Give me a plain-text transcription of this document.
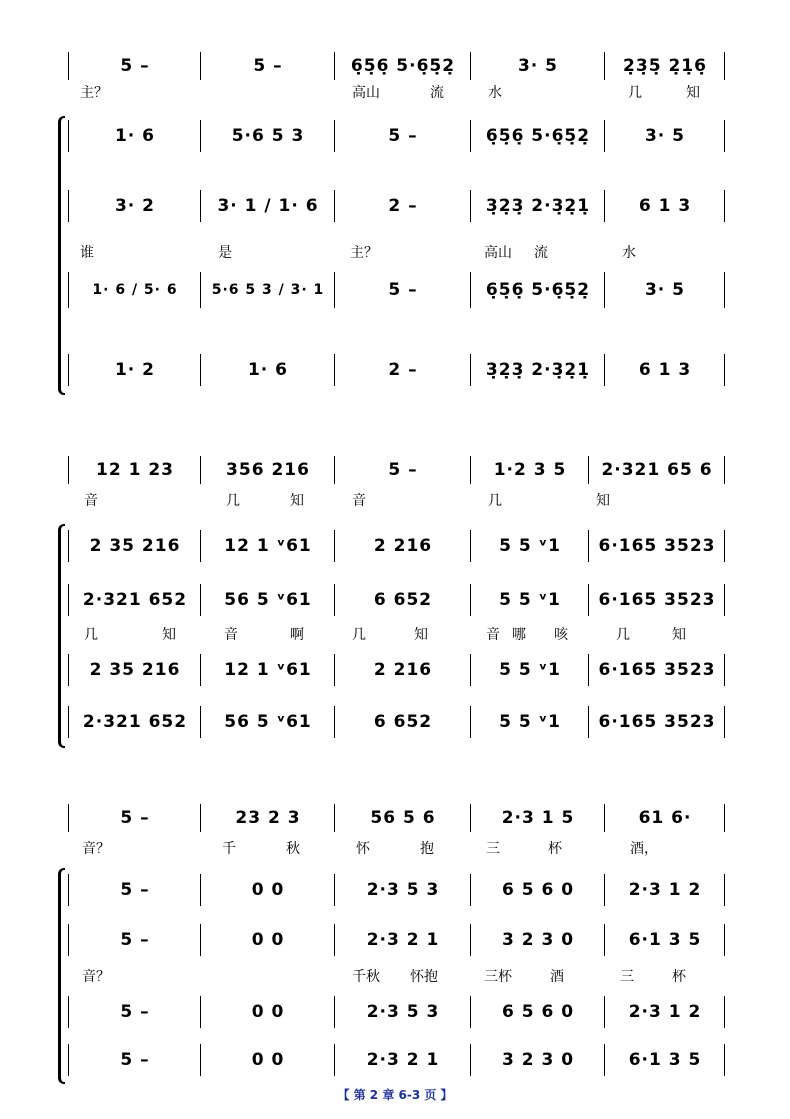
5 –	5 –	6̣5̣6̣ 5·6̣5̣2̣	3· 5	2̣3̣5̣ 2̣1̣6̣
主？	高山	流	水	几	知
1· 6	5·6 5 3	5 –	6̣5̣6̣ 5·6̣5̣2̣	3· 5
3· 2	3· 1 / 1· 6	2 –	3̣2̣3̣ 2·3̣2̣1̣	6 1 3
谁	是	主？	高山 流	水
1· 6 / 5· 6	5·6 5 3 / 3· 1	5 –	6̣5̣6̣ 5·6̣5̣2̣	3· 5
1· 2	1· 6	2 –	3̣2̣3̣ 2·3̣2̣1̣	6 1 3
12 1 23	356 216	5 –	1·2 3 5	2·321 65 6
音	几	知	音	几	知
2 35 216	12 1 ᵛ61	2 216	5 5 ᵛ1	6·165 3523
2·321 652	56 5 ᵛ61	6 652	5 5 ᵛ1	6·165 3523
几	知	音	啊	几	知	音 哪 咳	几	知
2 35 216	12 1 ᵛ61	2 216	5 5 ᵛ1	6·165 3523
2·321 652	56 5 ᵛ61	6 652	5 5 ᵛ1	6·165 3523
5 –	23 2 3	56 5 6	2·3 1 5	61 6·
音？	千	秋	怀	抱	三	杯	酒，
5 –	0 0	2·3 5 3	6 5 6 0	2·3 1 2
5 –	0 0	2·3 2 1	3 2 3 0	6·1 3 5
音？	千秋 怀抱	三杯	酒	三	杯
5 –	0 0	2·3 5 3	6 5 6 0	2·3 1 2
5 –	0 0	2·3 2 1	3 2 3 0	6·1 3 5
【 第 2 章 6-3 页 】
